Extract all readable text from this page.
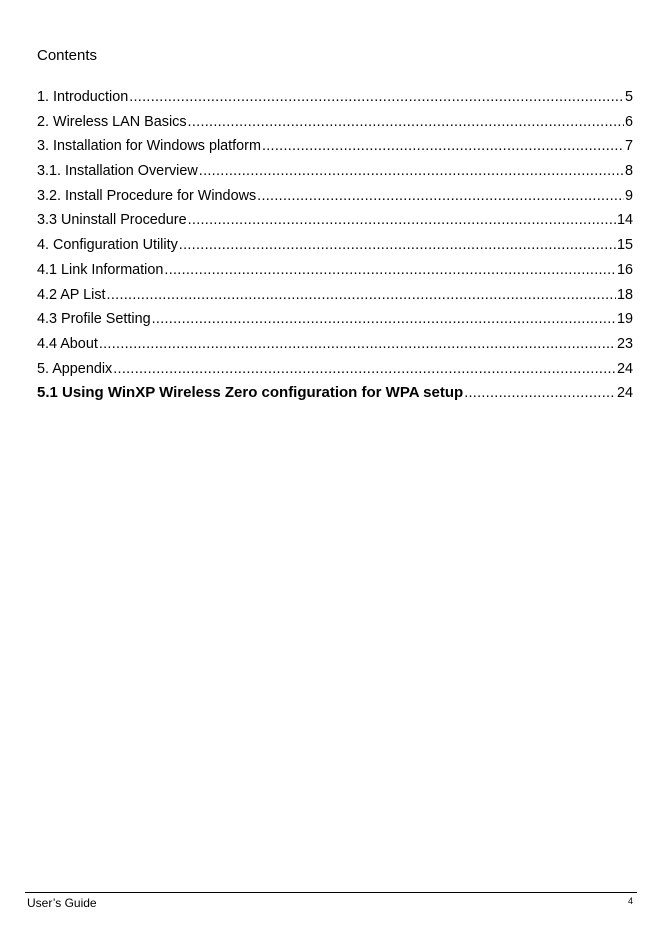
Contents
1. Introduction .....	5
2. Wireless LAN Basics .....	6
3. Installation for Windows platform .....	7
3.1. Installation Overview .....	8
3.2. Install Procedure for Windows .....	9
3.3 Uninstall Procedure .....	14
4. Configuration Utility .....	15
4.1 Link Information .....	16
4.2 AP List .....	18
4.3 Profile Setting .....	19
4.4 About .....	23
5. Appendix .....	24
5.1 Using WinXP Wireless Zero configuration for WPA setup .....	24
User’s Guide	4
